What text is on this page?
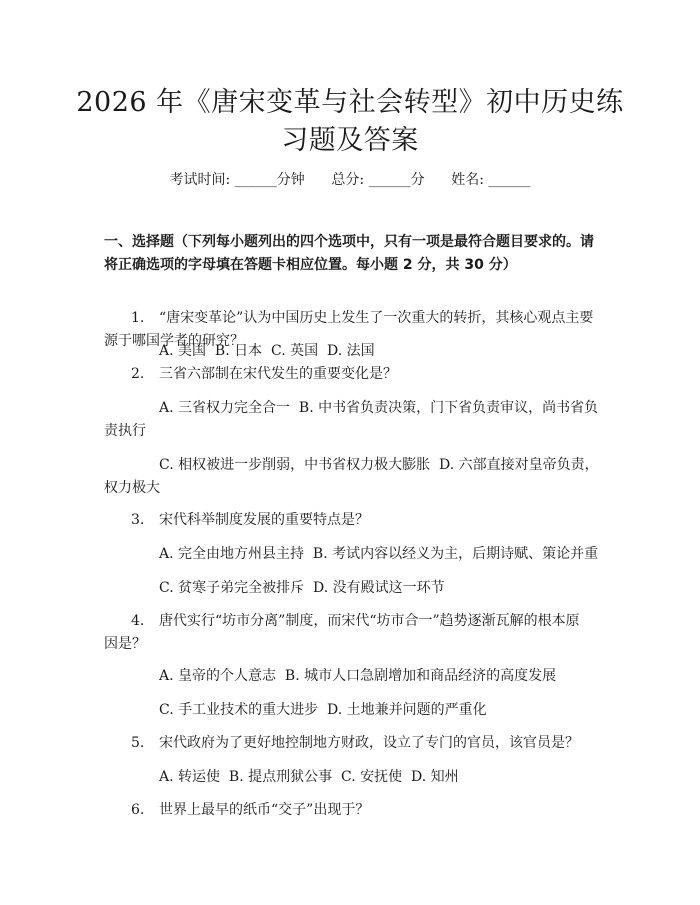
2026 年《唐宋变革与社会转型》初中历史练
习题及答案
考试时间: ______分钟      总分: ______分      姓名: ______

一、选择题（下列每小题列出的四个选项中，只有一项是最符合题目要求的。请将正确选项的字母填在答题卡相应位置。每小题 2 分，共 30 分）

1. “唐宋变革论”认为中国历史上发生了一次重大的转折，其核心观点主要
源于哪国学者的研究？
A. 美国  B. 日本  C. 英国  D. 法国
2. 三省六部制在宋代发生的重要变化是？
A. 三省权力完全合一  B. 中书省负责决策，门下省负责审议，尚书省负
责执行
C. 相权被进一步削弱，中书省权力极大膨胀  D. 六部直接对皇帝负责，
权力极大
3. 宋代科举制度发展的重要特点是？
A. 完全由地方州县主持  B. 考试内容以经义为主，后期诗赋、策论并重
C. 贫寒子弟完全被排斥  D. 没有殿试这一环节
4. 唐代实行“坊市分离”制度，而宋代“坊市合一”趋势逐渐瓦解的根本原
因是？
A. 皇帝的个人意志  B. 城市人口急剧增加和商品经济的高度发展
C. 手工业技术的重大进步  D. 土地兼并问题的严重化
5. 宋代政府为了更好地控制地方财政，设立了专门的官员，该官员是？
A. 转运使  B. 提点刑狱公事  C. 安抚使  D. 知州
6. 世界上最早的纸币“交子”出现于？
